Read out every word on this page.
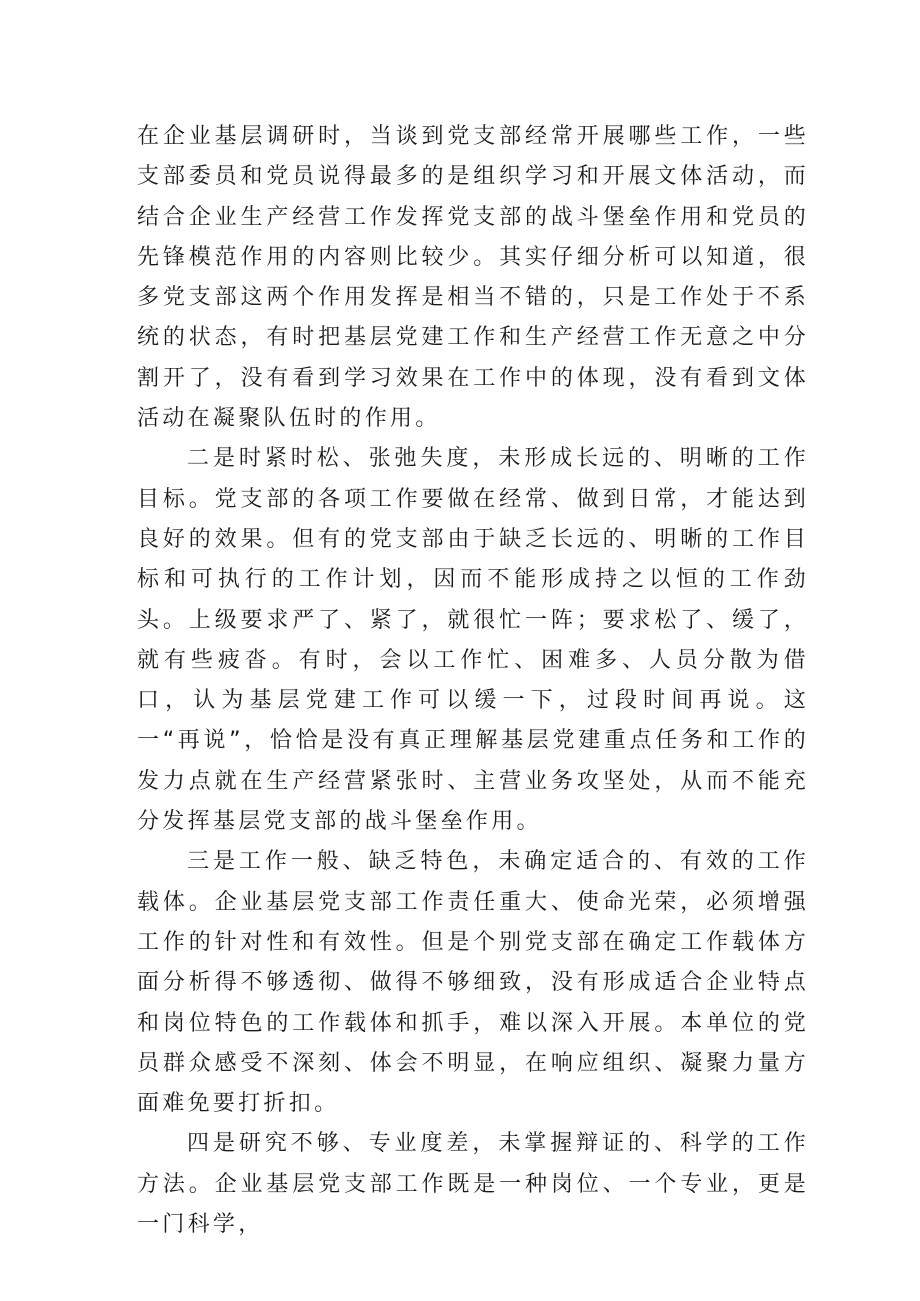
在企业基层调研时，当谈到党支部经常开展哪些工作，一些支部委员和党员说得最多的是组织学习和开展文体活动，而结合企业生产经营工作发挥党支部的战斗堡垒作用和党员的先锋模范作用的内容则比较少。其实仔细分析可以知道，很多党支部这两个作用发挥是相当不错的，只是工作处于不系统的状态，有时把基层党建工作和生产经营工作无意之中分割开了，没有看到学习效果在工作中的体现，没有看到文体活动在凝聚队伍时的作用。

二是时紧时松、张弛失度，未形成长远的、明晰的工作目标。党支部的各项工作要做在经常、做到日常，才能达到良好的效果。但有的党支部由于缺乏长远的、明晰的工作目标和可执行的工作计划，因而不能形成持之以恒的工作劲头。上级要求严了、紧了，就很忙一阵；要求松了、缓了，就有些疲沓。有时，会以工作忙、困难多、人员分散为借口，认为基层党建工作可以缓一下，过段时间再说。这一“再说”，恰恰是没有真正理解基层党建重点任务和工作的发力点就在生产经营紧张时、主营业务攻坚处，从而不能充分发挥基层党支部的战斗堡垒作用。

三是工作一般、缺乏特色，未确定适合的、有效的工作载体。企业基层党支部工作责任重大、使命光荣，必须增强工作的针对性和有效性。但是个别党支部在确定工作载体方面分析得不够透彻、做得不够细致，没有形成适合企业特点和岗位特色的工作载体和抓手，难以深入开展。本单位的党员群众感受不深刻、体会不明显，在响应组织、凝聚力量方面难免要打折扣。

四是研究不够、专业度差，未掌握辩证的、科学的工作方法。企业基层党支部工作既是一种岗位、一个专业，更是一门科学，
